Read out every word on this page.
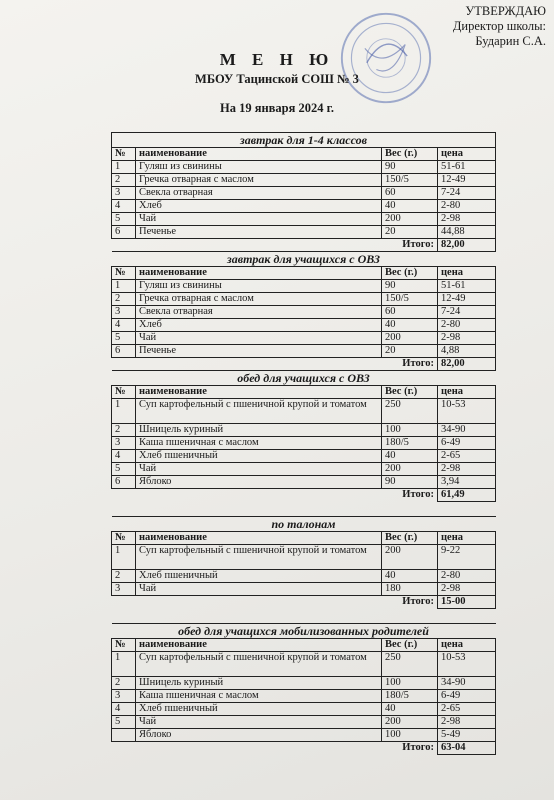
УТВЕРЖДАЮ
Директор школы:
Бударин С.А.
М Е Н Ю
МБОУ Тацинской СОШ № 3
На 19 января 2024 г.
завтрак для 1-4 классов			
№	наименование	Вес (г.)	цена
1	Гуляш из свинины	90	51-61
2	Гречка отварная с маслом	150/5	12-49
3	Свекла отварная	60	7-24
4	Хлеб	40	2-80
5	Чай	200	2-98
6	Печенье	20	44,88
Итого:			82,00
завтрак для учащихся с ОВЗ			
№	наименование	Вес (г.)	цена
1	Гуляш из свинины	90	51-61
2	Гречка отварная с маслом	150/5	12-49
3	Свекла отварная	60	7-24
4	Хлеб	40	2-80
5	Чай	200	2-98
6	Печенье	20	4,88
Итого:			82,00
обед для учащихся с ОВЗ			
№	наименование	Вес (г.)	цена
1	Суп картофельный с пшеничной крупой и томатом	250	10-53
2	Шницель куриный	100	34-90
3	Каша пшеничная с маслом	180/5	6-49
4	Хлеб пшеничный	40	2-65
5	Чай	200	2-98
6	Яблоко	90	3,94
Итого:			61,49

по талонам			
№	наименование	Вес (г.)	цена
1	Суп картофельный с пшеничной крупой и томатом	200	9-22
2	Хлеб пшеничный	40	2-80
3	Чай	180	2-98
Итого:			15-00

обед для учащихся мобилизованных родителей			
№	наименование	Вес (г.)	цена
1	Суп картофельный с пшеничной крупой и томатом	250	10-53
2	Шницель куриный	100	34-90
3	Каша пшеничная с маслом	180/5	6-49
4	Хлеб пшеничный	40	2-65
5	Чай	200	2-98
	Яблоко	100	5-49
Итого:			63-04
